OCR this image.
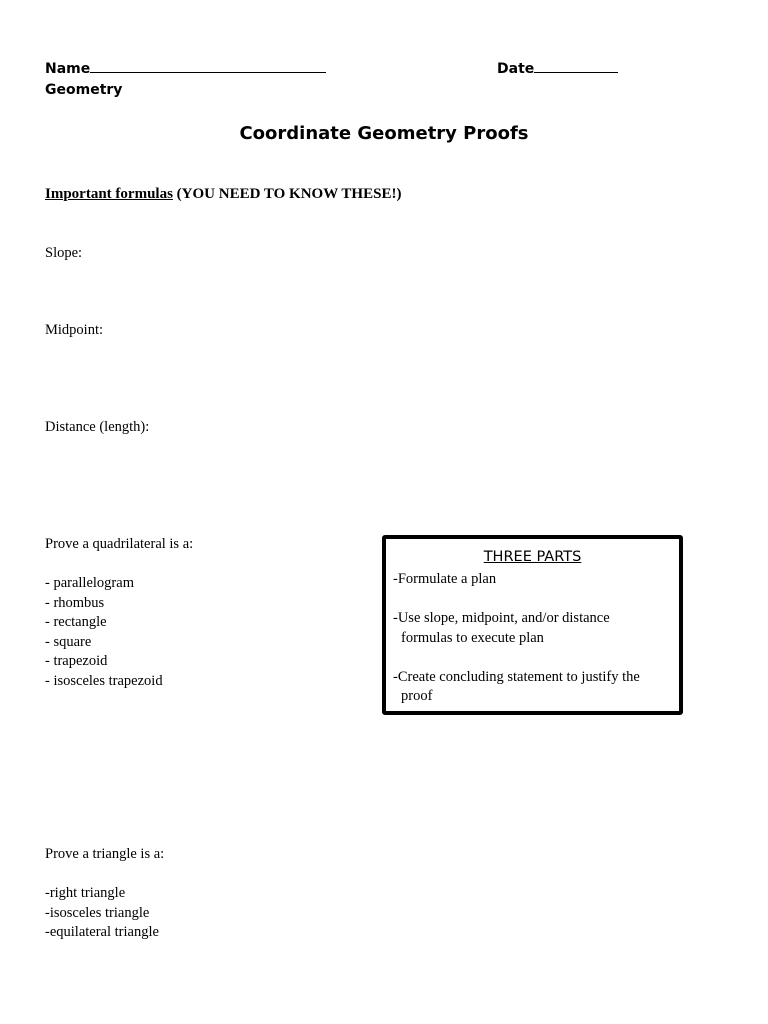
Name	Date
Geometry
Coordinate Geometry Proofs
Important formulas (YOU NEED TO KNOW THESE!)
Slope:
Midpoint:
Distance (length):
Prove a quadrilateral is a:
- parallelogram
- rhombus
- rectangle
- square
- trapezoid
- isosceles trapezoid
THREE PARTS
-Formulate a plan
-Use slope, midpoint, and/or distance
formulas to execute plan
-Create concluding statement to justify the
proof
Prove a triangle is a:
-right triangle
-isosceles triangle
-equilateral triangle
